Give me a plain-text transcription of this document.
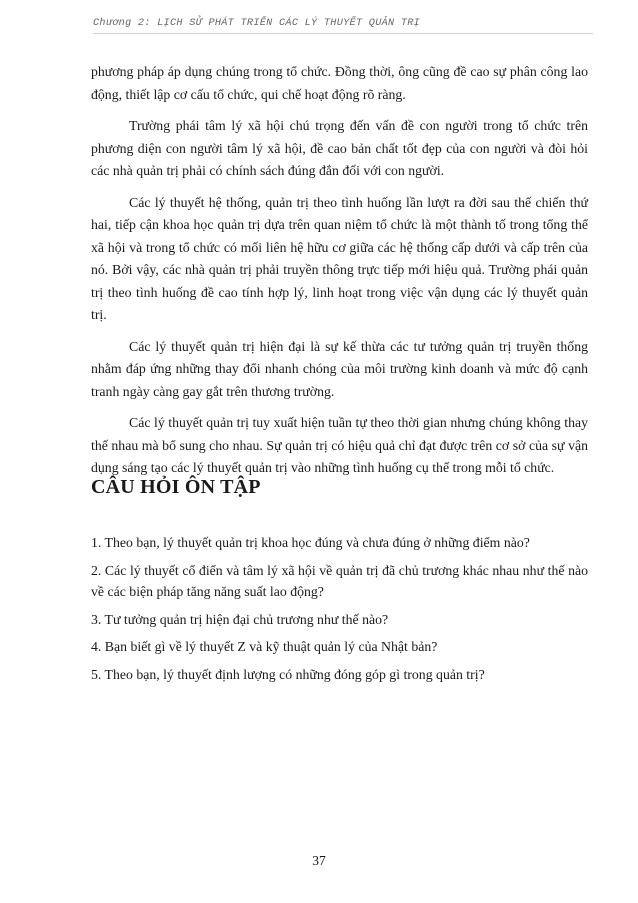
Chương 2: LỊCH SỬ PHÁT TRIỂN CÁC LÝ THUYẾT QUẢN TRỊ

phương pháp áp dụng chúng trong tổ chức. Đồng thời, ông cũng đề cao sự phân công lao động, thiết lập cơ cấu tổ chức, qui chế hoạt động rõ ràng.

Trường phái tâm lý xã hội chú trọng đến vấn đề con người trong tổ chức trên phương diện con người tâm lý xã hội, đề cao bản chất tốt đẹp của con người và đòi hỏi các nhà quản trị phải có chính sách đúng đắn đối với con người.

Các lý thuyết hệ thống, quản trị theo tình huống lần lượt ra đời sau thế chiến thứ hai, tiếp cận khoa học quản trị dựa trên quan niệm tổ chức là một thành tố trong tổng thể xã hội và trong tổ chức có mối liên hệ hữu cơ giữa các hệ thống cấp dưới và cấp trên của nó. Bởi vậy, các nhà quản trị phải truyền thông trực tiếp mới hiệu quả. Trường phái quản trị theo tình huống đề cao tính hợp lý, linh hoạt trong việc vận dụng các lý thuyết quản trị.

Các lý thuyết quản trị hiện đại là sự kế thừa các tư tưởng quản trị truyền thống nhằm đáp ứng những thay đổi nhanh chóng của môi trường kinh doanh và mức độ cạnh tranh ngày càng gay gắt trên thương trường.

Các lý thuyết quản trị tuy xuất hiện tuần tự theo thời gian nhưng chúng không thay thế nhau mà bổ sung cho nhau. Sự quản trị có hiệu quả chỉ đạt được trên cơ sở của sự vận dụng sáng tạo các lý thuyết quản trị vào những tình huống cụ thể trong mỗi tổ chức.

CÂU HỎI ÔN TẬP

1. Theo bạn, lý thuyết quản trị khoa học đúng và chưa đúng ở những điểm nào?

2. Các lý thuyết cổ điển và tâm lý xã hội về quản trị đã chủ trương khác nhau như thế nào về các biện pháp tăng năng suất lao động?

3. Tư tưởng quản trị hiện đại chủ trương như thế nào?

4. Bạn biết gì về lý thuyết Z và kỹ thuật quản lý của Nhật bản?

5. Theo bạn, lý thuyết định lượng có những đóng góp gì trong quản trị?

37
